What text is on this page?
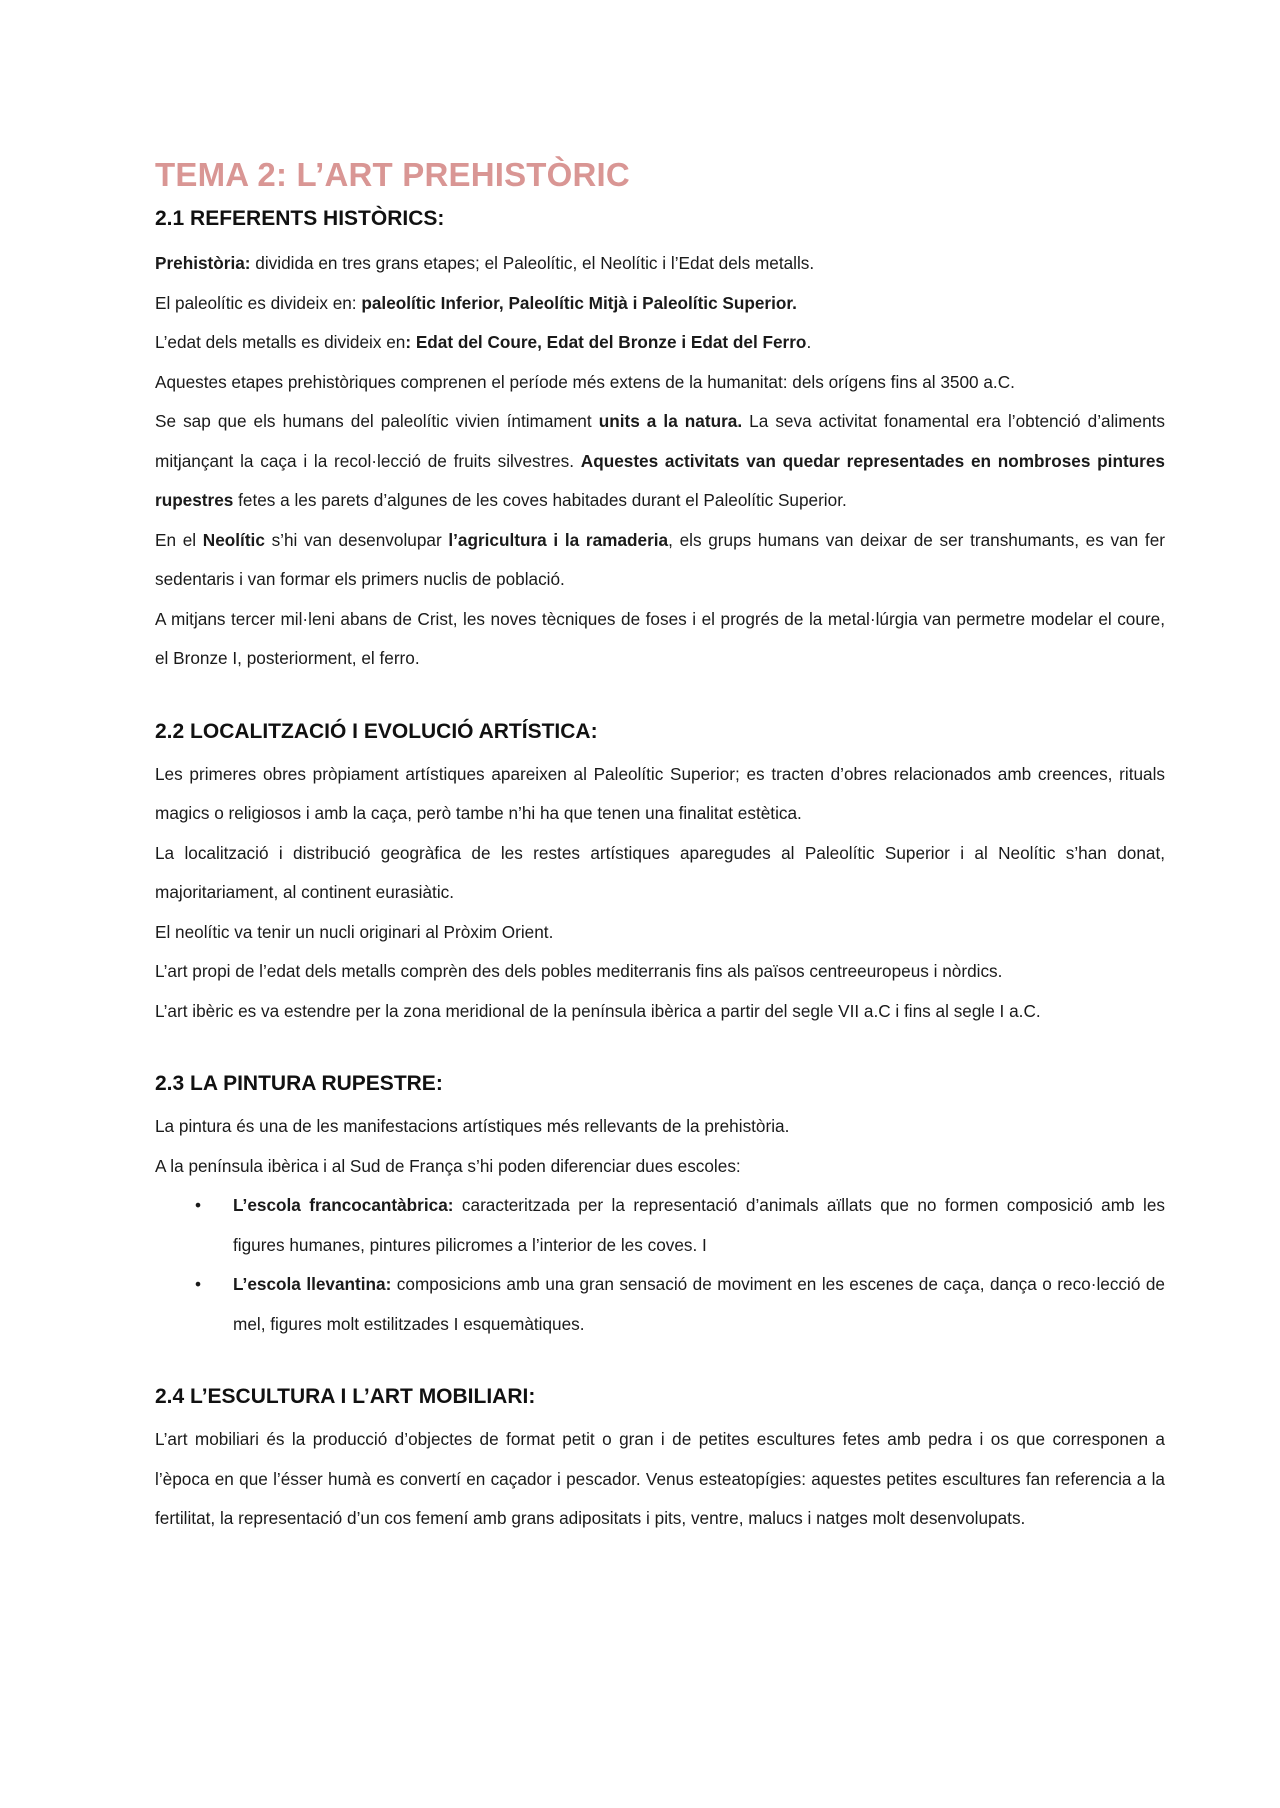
TEMA 2: L’ART PREHISTÒRIC
2.1 REFERENTS HISTÒRICS:

Prehistòria: dividida en tres grans etapes; el Paleolític, el Neolític i l’Edat dels metalls.

El paleolític es divideix en: paleolític Inferior, Paleolític Mitjà i Paleolític Superior.

L’edat dels metalls es divideix en: Edat del Coure, Edat del Bronze i Edat del Ferro.

Aquestes etapes prehistòriques comprenen el període més extens de la humanitat: dels orígens fins al 3500 a.C.

Se sap que els humans del paleolític vivien íntimament units a la natura. La seva activitat fonamental era l’obtenció d’aliments mitjançant la caça i la recol·lecció de fruits silvestres. Aquestes activitats van quedar representades en nombroses pintures rupestres fetes a les parets d’algunes de les coves habitades durant el Paleolític Superior.

En el Neolític s’hi van desenvolupar l’agricultura i la ramaderia, els grups humans van deixar de ser transhumants, es van fer sedentaris i van formar els primers nuclis de població.

A mitjans tercer mil·leni abans de Crist, les noves tècniques de foses i el progrés de la metal·lúrgia van permetre modelar el coure, el Bronze I, posteriorment, el ferro.

2.2 LOCALITZACIÓ I EVOLUCIÓ ARTÍSTICA:

Les primeres obres pròpiament artístiques apareixen al Paleolític Superior; es tracten d’obres relacionados amb creences, rituals magics o religiosos i amb la caça, però tambe n’hi ha que tenen una finalitat estètica.

La localització i distribució geogràfica de les restes artístiques aparegudes al Paleolític Superior i al Neolític s’han donat, majoritariament, al continent eurasiàtic.

El neolític va tenir un nucli originari al Pròxim Orient.

L’art propi de l’edat dels metalls comprèn des dels pobles mediterranis fins als països centreeuropeus i nòrdics.

L’art ibèric es va estendre per la zona meridional de la península ibèrica a partir del segle VII a.C i fins al segle I a.C.

2.3 LA PINTURA RUPESTRE:

La pintura és una de les manifestacions artístiques més rellevants de la prehistòria.

A la península ibèrica i al Sud de França s’hi poden diferenciar dues escoles:

• L’escola francocantàbrica: caracteritzada per la representació d’animals aïllats que no formen composició amb les figures humanes, pintures pilicromes a l’interior de les coves. I
• L’escola llevantina: composicions amb una gran sensació de moviment en les escenes de caça, dança o reco·lecció de mel, figures molt estilitzades I esquemàtiques.
2.4 L’ESCULTURA I L’ART MOBILIARI:

L’art mobiliari és la producció d’objectes de format petit o gran i de petites escultures fetes amb pedra i os que corresponen a l’època en que l’ésser humà es convertí en caçador i pescador. Venus esteatopígies: aquestes petites escultures fan referencia a la fertilitat, la representació d’un cos femení amb grans adipositats i pits, ventre, malucs i natges molt desenvolupats.
